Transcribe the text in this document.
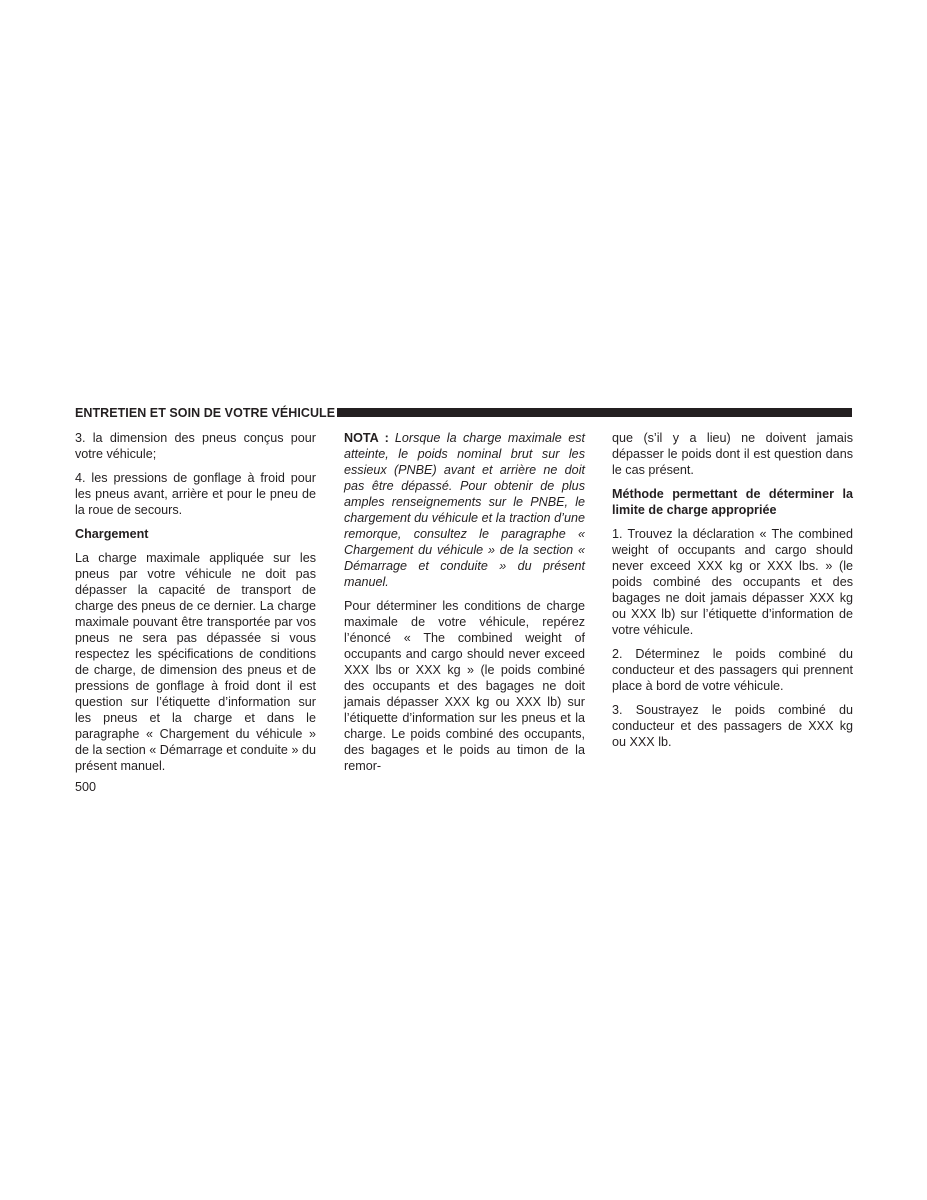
ENTRETIEN ET SOIN DE VOTRE VÉHICULE

3. la dimension des pneus conçus pour votre véhicule;

4. les pressions de gonflage à froid pour les pneus avant, arrière et pour le pneu de la roue de secours.

Chargement

La charge maximale appliquée sur les pneus par votre véhicule ne doit pas dépasser la capacité de transport de charge des pneus de ce dernier. La charge maximale pouvant être transportée par vos pneus ne sera pas dépassée si vous respectez les spécifications de conditions de charge, de dimension des pneus et de pressions de gonflage à froid dont il est question sur l’étiquette d’information sur les pneus et la charge et dans le paragraphe « Chargement du véhicule » de la section « Démarrage et conduite » du présent manuel.

NOTA : Lorsque la charge maximale est atteinte, le poids nominal brut sur les essieux (PNBE) avant et arrière ne doit pas être dépassé. Pour obtenir de plus amples renseignements sur le PNBE, le chargement du véhicule et la traction d’une remorque, consultez le paragraphe « Chargement du véhicule » de la section « Démarrage et conduite » du présent manuel.

Pour déterminer les conditions de charge maximale de votre véhicule, repérez l’énoncé « The combined weight of occupants and cargo should never exceed XXX lbs or XXX kg » (le poids combiné des occupants et des bagages ne doit jamais dépasser XXX kg ou XXX lb) sur l’étiquette d’information sur les pneus et la charge. Le poids combiné des occupants, des bagages et le poids au timon de la remor-

que (s’il y a lieu) ne doivent jamais dépasser le poids dont il est question dans le cas présent.

Méthode permettant de déterminer la limite de charge appropriée

1. Trouvez la déclaration « The combined weight of occupants and cargo should never exceed XXX kg or XXX lbs. » (le poids combiné des occupants et des bagages ne doit jamais dépasser XXX kg ou XXX lb) sur l’étiquette d’information de votre véhicule.

2. Déterminez le poids combiné du conducteur et des passagers qui prennent place à bord de votre véhicule.

3. Soustrayez le poids combiné du conducteur et des passagers de XXX kg ou XXX lb.

500
